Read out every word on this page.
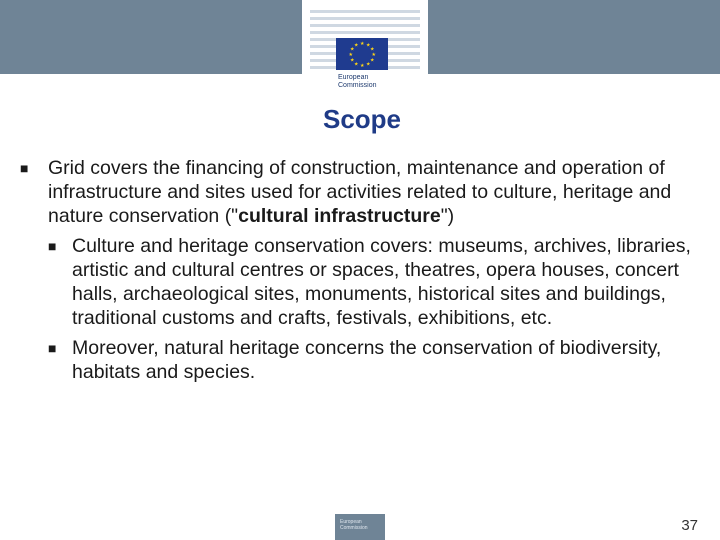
★ ★
★
★
★
★
★
★
★
★
★
★
European
Commission
Scope

■ Grid covers the financing of construction, maintenance and operation of infrastructure and sites used for activities related to culture, heritage and nature conservation ("cultural infrastructure")

■ Culture and heritage conservation covers: museums, archives, libraries, artistic and cultural centres or spaces, theatres, opera houses, concert halls, archaeological sites, monuments, historical sites and buildings, traditional customs and crafts, festivals, exhibitions, etc.

■ Moreover, natural heritage concerns the conservation of biodiversity, habitats and species.

European Commission	37
